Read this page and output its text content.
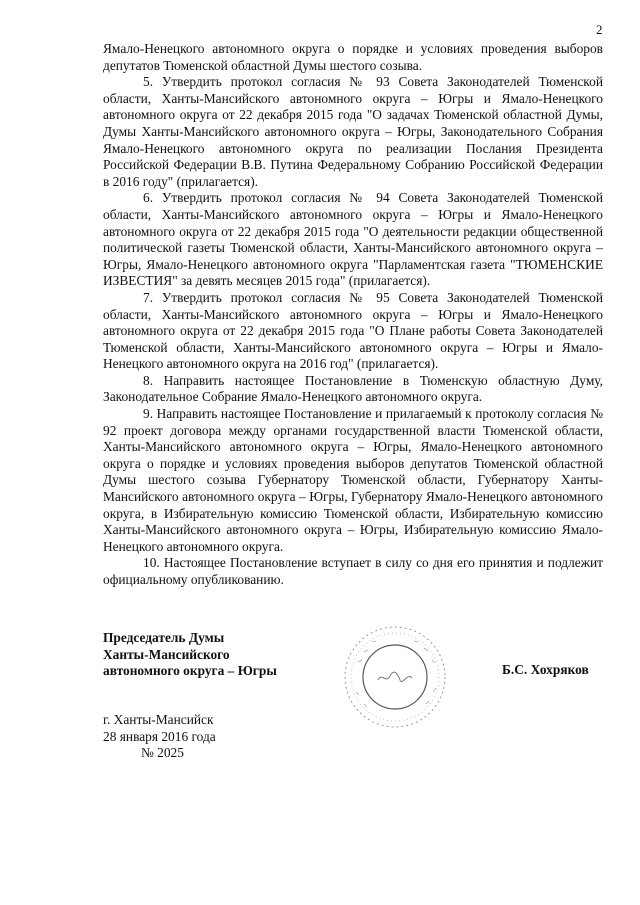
2

Ямало-Ненецкого автономного округа о порядке и условиях проведения выборов депутатов Тюменской областной Думы шестого созыва.

5. Утвердить протокол согласия № 93 Совета Законодателей Тюменской области, Ханты-Мансийского автономного округа – Югры и Ямало-Ненецкого автономного округа от 22 декабря 2015 года "О задачах Тюменской областной Думы, Думы Ханты-Мансийского автономного округа – Югры, Законодательного Собрания Ямало-Ненецкого автономного округа по реализации Послания Президента Российской Федерации В.В. Путина Федеральному Собранию Российской Федерации в 2016 году" (прилагается).

6. Утвердить протокол согласия № 94 Совета Законодателей Тюменской области, Ханты-Мансийского автономного округа – Югры и Ямало-Ненецкого автономного округа от 22 декабря 2015 года "О деятельности редакции общественной политической газеты Тюменской области, Ханты-Мансийского автономного округа – Югры, Ямало-Ненецкого автономного округа "Парламентская газета "ТЮМЕНСКИЕ ИЗВЕСТИЯ" за девять месяцев 2015 года" (прилагается).

7. Утвердить протокол согласия № 95 Совета Законодателей Тюменской области, Ханты-Мансийского автономного округа – Югры и Ямало-Ненецкого автономного округа от 22 декабря 2015 года "О Плане работы Совета Законодателей Тюменской области, Ханты-Мансийского автономного округа – Югры и Ямало-Ненецкого автономного округа на 2016 год" (прилагается).

8. Направить настоящее Постановление в Тюменскую областную Думу, Законодательное Собрание Ямало-Ненецкого автономного округа.

9. Направить настоящее Постановление и прилагаемый к протоколу согласия № 92 проект договора между органами государственной власти Тюменской области, Ханты-Мансийского автономного округа – Югры, Ямало-Ненецкого автономного округа о порядке и условиях проведения выборов депутатов Тюменской областной Думы шестого созыва Губернатору Тюменской области, Губернатору Ханты-Мансийского автономного округа – Югры, Губернатору Ямало-Ненецкого автономного округа, в Избирательную комиссию Тюменской области, Избирательную комиссию Ханты-Мансийского автономного округа – Югры, Избирательную комиссию Ямало-Ненецкого автономного округа.

10. Настоящее Постановление вступает в силу со дня его принятия и подлежит официальному опубликованию.

Председатель Думы
Ханты-Мансийского
автономного округа – Югры	Б.С. Хохряков
г. Ханты-Мансийск
28 января 2016 года
№ 2025
